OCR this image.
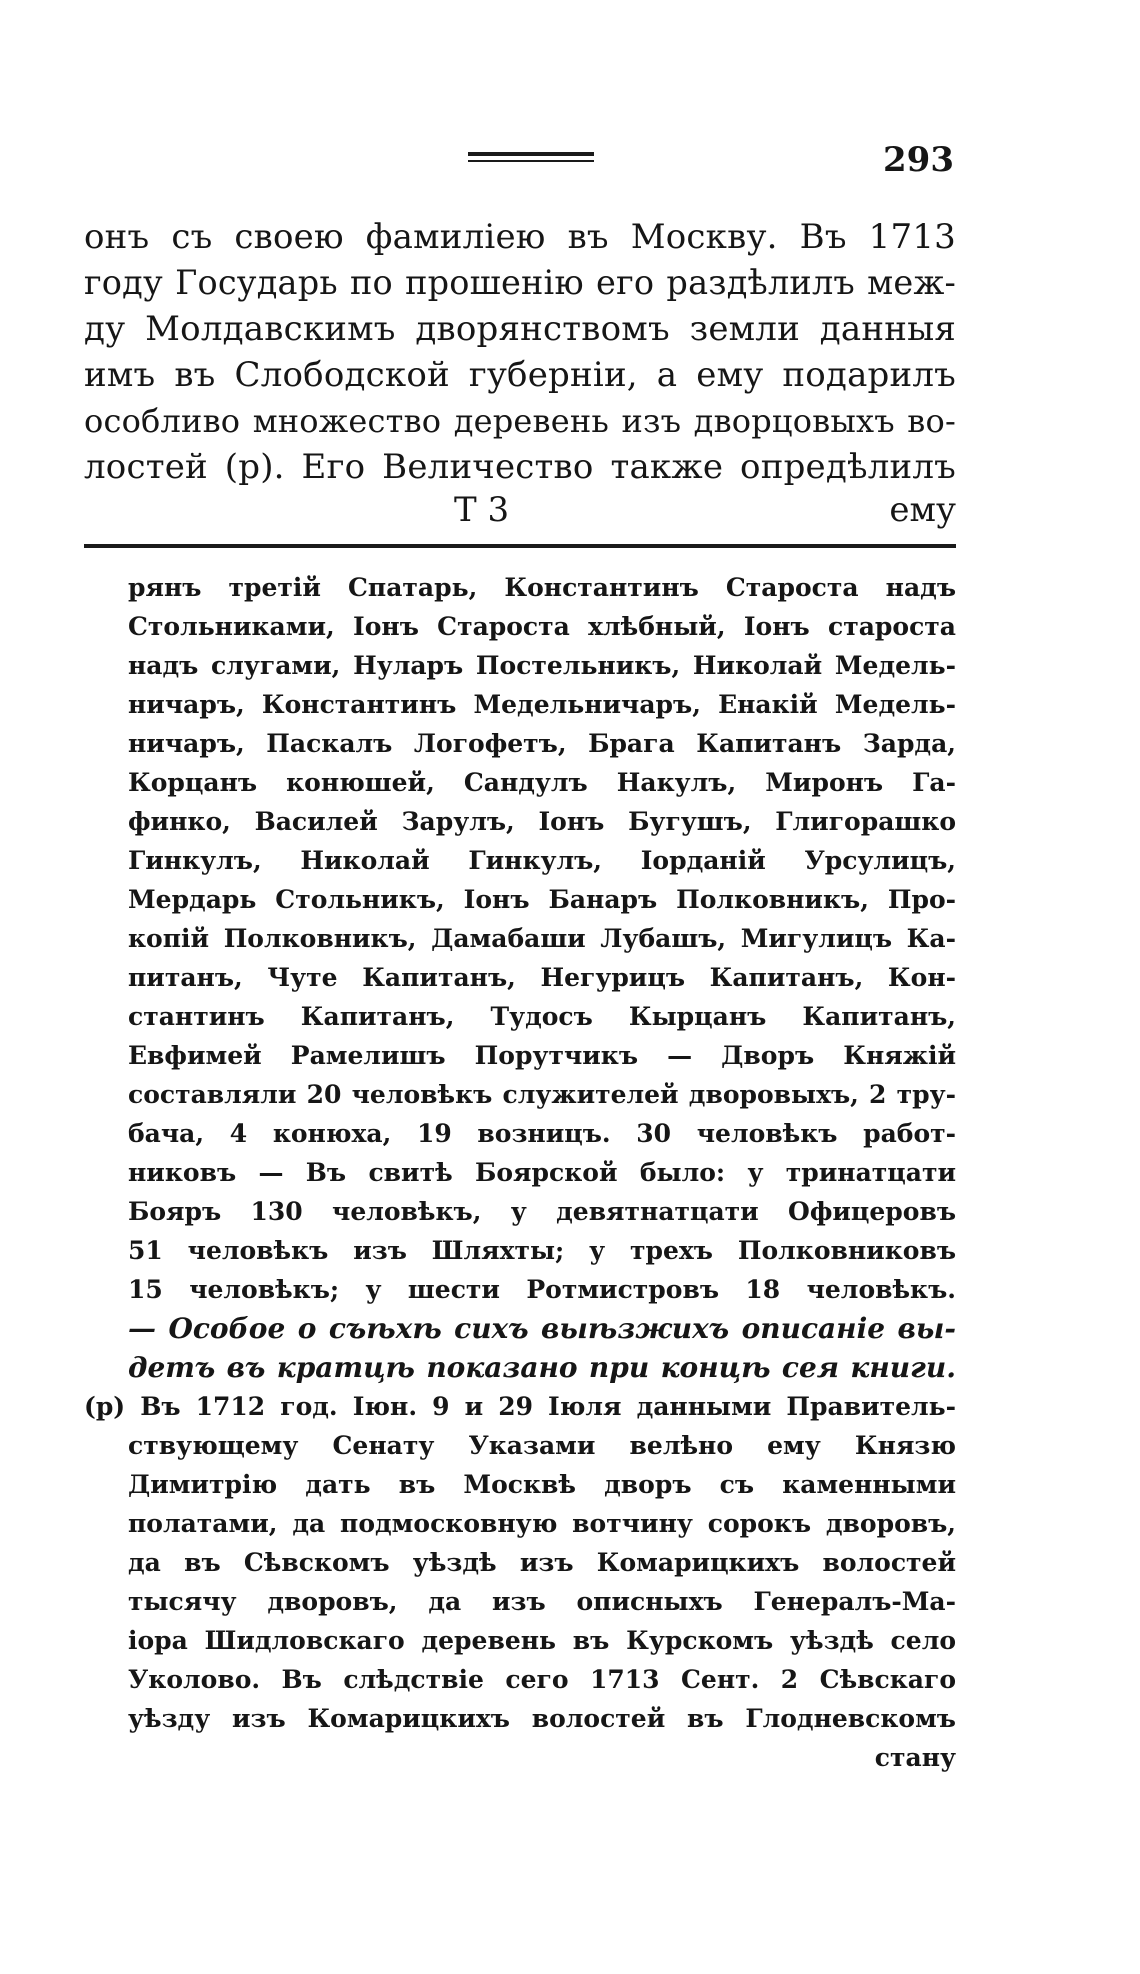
293
онъ съ своею фамиліею въ Москву. Въ 1713
году Государь по прошенію его раздѣлилъ меж-
ду Молдавскимъ дворянствомъ земли данныя
имъ въ Слободской губерніи, а ему подарилъ
особливо множество деревень изъ дворцовыхъ во-
лостей (р). Его Величество также опредѣлилъ
Т 3	ему
рянъ третій Спатарь, Константинъ Староста надъ
Стольниками, Іонъ Староста хлѣбный, Іонъ староста
надъ слугами, Нуларъ Постельникъ, Николай Медель-
ничаръ, Константинъ Медельничаръ, Енакій Медель-
ничаръ, Паскалъ Логофетъ, Брага Капитанъ Зарда,
Корцанъ конюшей, Сандулъ Накулъ, Миронъ Га-
финко, Василей Зарулъ, Іонъ Бугушъ, Глигорашко
Гинкулъ, Николай Гинкулъ, Іорданій Урсулицъ,
Мердарь Стольникъ, Іонъ Банаръ Полковникъ, Про-
копій Полковникъ, Дамабаши Лубашъ, Мигулицъ Ка-
питанъ, Чуте Капитанъ, Негурицъ Капитанъ, Кон-
стантинъ Капитанъ, Тудосъ Кырцанъ Капитанъ,
Евфимей Рамелишъ Порутчикъ — Дворъ Княжій
составляли 20 человѣкъ служителей дворовыхъ, 2 тру-
бача, 4 конюха, 19 возницъ. 30 человѣкъ работ-
никовъ — Въ свитѣ Боярской было: у тринатцати
Бояръ 130 человѣкъ, у девятнатцати Офицеровъ
51 человѣкъ изъ Шляхты; у трехъ Полковниковъ
15 человѣкъ; у шести Ротмистровъ 18 человѣкъ.
— Особое о съѣхѣ сихъ выѣзжихъ описаніе вы-
детъ въ кратцѣ показано при концѣ сея книги.
(р) Въ 1712 год. Іюн. 9 и 29 Іюля данными Правитель-
ствующему Сенату Указами велѣно ему Князю
Димитрію дать въ Москвѣ дворъ съ каменными
полатами, да подмосковную вотчину сорокъ дворовъ,
да въ Сѣвскомъ уѣздѣ изъ Комарицкихъ волостей
тысячу дворовъ, да изъ описныхъ Генералъ-Ма-
іора Шидловскаго деревень въ Курскомъ уѣздѣ село
Уколово. Въ слѣдствіе сего 1713 Сент. 2 Сѣвскаго
уѣзду изъ Комарицкихъ волостей въ Глодневскомъ
стану
